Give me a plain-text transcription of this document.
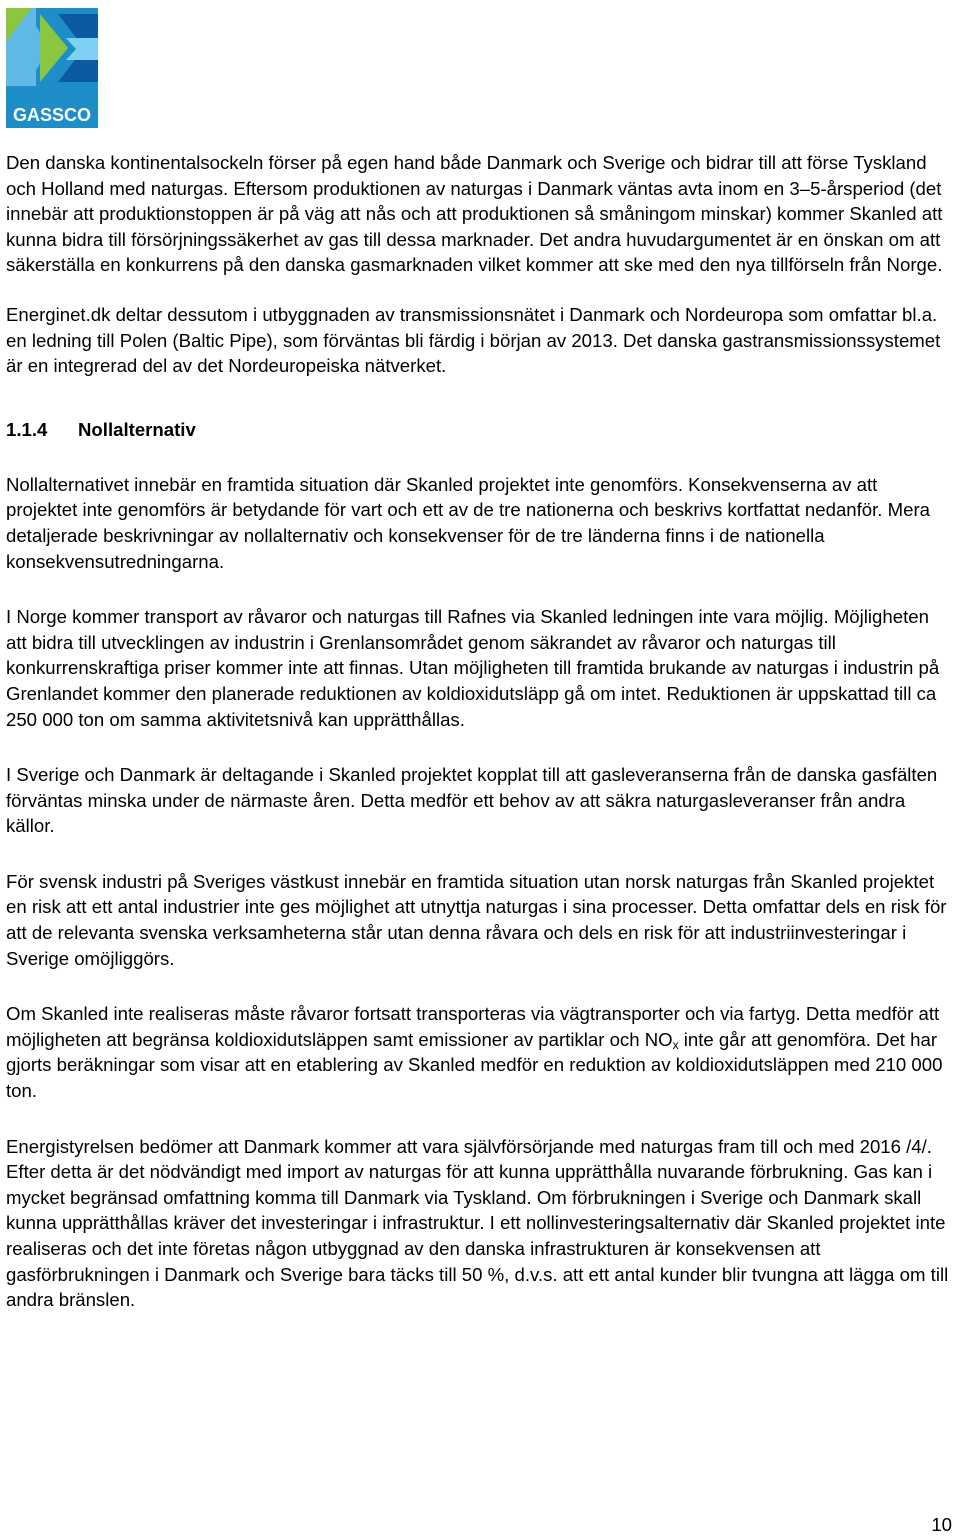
GASSCO

Den danska kontinentalsockeln förser på egen hand både Danmark och Sverige och bidrar till att förse Tyskland och Holland med naturgas. Eftersom produktionen av naturgas i Danmark väntas avta inom en 3–5-årsperiod (det innebär att produktionstoppen är på väg att nås och att produktionen så småningom minskar) kommer Skanled att kunna bidra till försörjningssäkerhet av gas till dessa marknader. Det andra huvudargumentet är en önskan om att säkerställa en konkurrens på den danska gasmarknaden vilket kommer att ske med den nya tillförseln från Norge.

Energinet.dk deltar dessutom i utbyggnaden av transmissionsnätet i Danmark och Nordeuropa som omfattar bl.a. en ledning till Polen (Baltic Pipe), som förväntas bli färdig i början av 2013. Det danska gastransmissionssystemet är en integrerad del av det Nordeuropeiska nätverket.

1.1.4 Nollalternativ

Nollalternativet innebär en framtida situation där Skanled projektet inte genomförs. Konsekvenserna av att projektet inte genomförs är betydande för vart och ett av de tre nationerna och beskrivs kortfattat nedanför. Mera detaljerade beskrivningar av nollalternativ och konsekvenser för de tre länderna finns i de nationella konsekvensutredningarna.

I Norge kommer transport av råvaror och naturgas till Rafnes via Skanled ledningen inte vara möjlig. Möjligheten att bidra till utvecklingen av industrin i Grenlansområdet genom säkrandet av råvaror och naturgas till konkurrenskraftiga priser kommer inte att finnas. Utan möjligheten till framtida brukande av naturgas i industrin på Grenlandet kommer den planerade reduktionen av koldioxidutsläpp gå om intet. Reduktionen är uppskattad till ca 250 000 ton om samma aktivitetsnivå kan upprätthållas.

I Sverige och Danmark är deltagande i Skanled projektet kopplat till att gasleveranserna från de danska gasfälten förväntas minska under de närmaste åren. Detta medför ett behov av att säkra naturgasleveranser från andra källor.

För svensk industri på Sveriges västkust innebär en framtida situation utan norsk naturgas från Skanled projektet en risk att ett antal industrier inte ges möjlighet att utnyttja naturgas i sina processer. Detta omfattar dels en risk för att de relevanta svenska verksamheterna står utan denna råvara och dels en risk för att industriinvesteringar i Sverige omöjliggörs.

Om Skanled inte realiseras måste råvaror fortsatt transporteras via vägtransporter och via fartyg. Detta medför att möjligheten att begränsa koldioxidutsläppen samt emissioner av partiklar och $NO_x$ inte går att genomföra. Det har gjorts beräkningar som visar att en etablering av Skanled medför en reduktion av koldioxidutsläppen med 210 000 ton.

Energistyrelsen bedömer att Danmark kommer att vara självförsörjande med naturgas fram till och med 2016 /4/. Efter detta är det nödvändigt med import av naturgas för att kunna upprätthålla nuvarande förbrukning. Gas kan i mycket begränsad omfattning komma till Danmark via Tyskland. Om förbrukningen i Sverige och Danmark skall kunna upprätthållas kräver det investeringar i infrastruktur. I ett nollinvesteringsalternativ där Skanled projektet inte realiseras och det inte företas någon utbyggnad av den danska infrastrukturen är konsekvensen att gasförbrukningen i Danmark och Sverige bara täcks till 50 %, d.v.s. att ett antal kunder blir tvungna att lägga om till andra bränslen.

10
